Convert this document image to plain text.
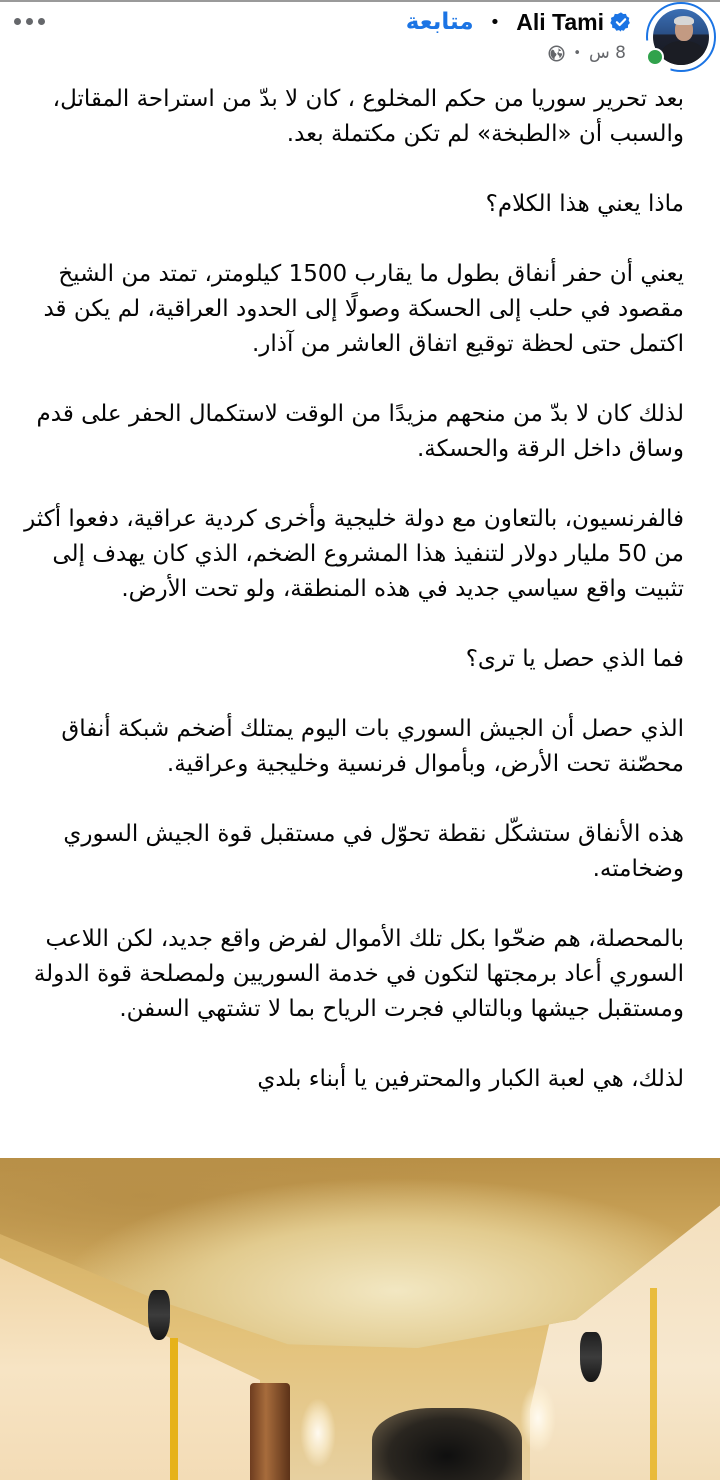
متابعة • Ali Tami
• 8 س

بعد تحرير سوريا من حكم المخلوع ، كان لا بدّ من استراحة المقاتل، والسبب أن «الطبخة» لم تكن مكتملة بعد.

ماذا يعني هذا الكلام؟

يعني أن حفر أنفاق بطول ما يقارب 1500 كيلومتر، تمتد من الشيخ مقصود في حلب إلى الحسكة وصولًا إلى الحدود العراقية، لم يكن قد اكتمل حتى لحظة توقيع اتفاق العاشر من آذار.

لذلك كان لا بدّ من منحهم مزيدًا من الوقت لاستكمال الحفر على قدم وساق داخل الرقة والحسكة.

فالفرنسيون، بالتعاون مع دولة خليجية وأخرى كردية عراقية، دفعوا أكثر من 50 مليار دولار لتنفيذ هذا المشروع الضخم، الذي كان يهدف إلى تثبيت واقع سياسي جديد في هذه المنطقة، ولو تحت الأرض.

فما الذي حصل يا ترى؟

الذي حصل أن الجيش السوري بات اليوم يمتلك أضخم شبكة أنفاق محصّنة تحت الأرض، وبأموال فرنسية وخليجية وعراقية.

هذه الأنفاق ستشكّل نقطة تحوّل في مستقبل قوة الجيش السوري وضخامته.

بالمحصلة، هم ضحّوا بكل تلك الأموال لفرض واقع جديد، لكن اللاعب السوري أعاد برمجتها لتكون في خدمة السوريين ولمصلحة قوة الدولة ومستقبل جيشها وبالتالي فجرت الرياح بما لا تشتهي السفن.

لذلك، هي لعبة الكبار والمحترفين يا أبناء بلدي
